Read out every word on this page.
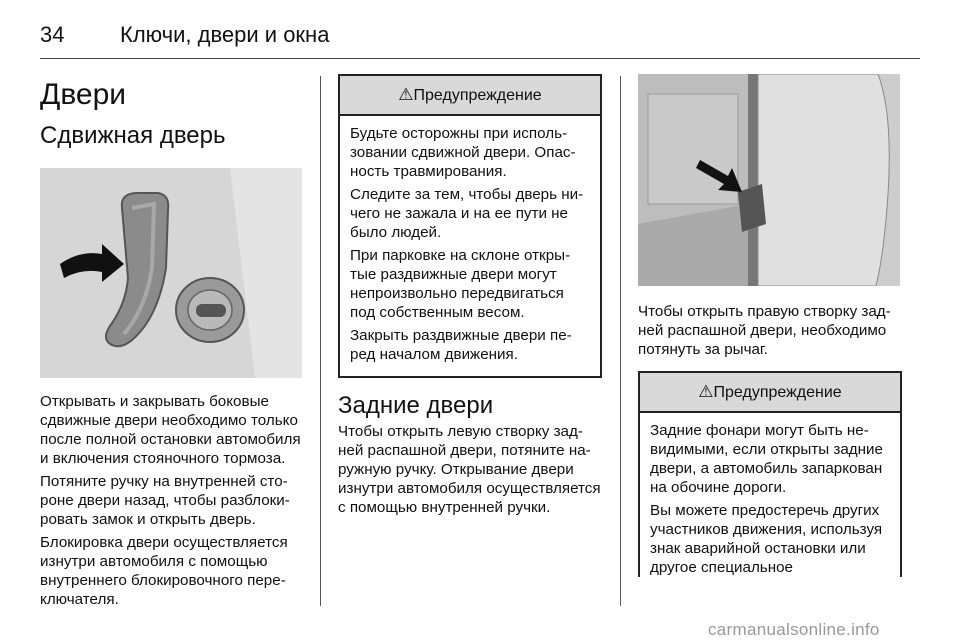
34	Ключи, двери и окна
Двери
Сдвижная дверь

Открывать и закрывать боковые сдвижные двери необходимо только после полной остановки автомобиля и включения стояночного тормоза.

Потяните ручку на внутренней стороне двери назад, чтобы разблокировать замок и открыть дверь.

Блокировка двери осуществляется изнутри автомобиля с помощью внутреннего блокировочного переключателя.

⚠Предупреждение

Будьте осторожны при использовании сдвижной двери. Опасность травмирования.

Следите за тем, чтобы дверь ничего не зажала и на ее пути не было людей.

При парковке на склоне открытые раздвижные двери могут непроизвольно передвигаться под собственным весом.

Закрыть раздвижные двери перед началом движения.

Задние двери

Чтобы открыть левую створку задней распашной двери, потяните наружную ручку. Открывание двери изнутри автомобиля осуществляется с помощью внутренней ручки.

Чтобы открыть правую створку задней распашной двери, необходимо потянуть за рычаг.

⚠Предупреждение

Задние фонари могут быть невидимыми, если открыты задние двери, а автомобиль запаркован на обочине дороги.

Вы можете предостеречь других участников движения, используя знак аварийной остановки или другое специальное

carmanualsonline.info
